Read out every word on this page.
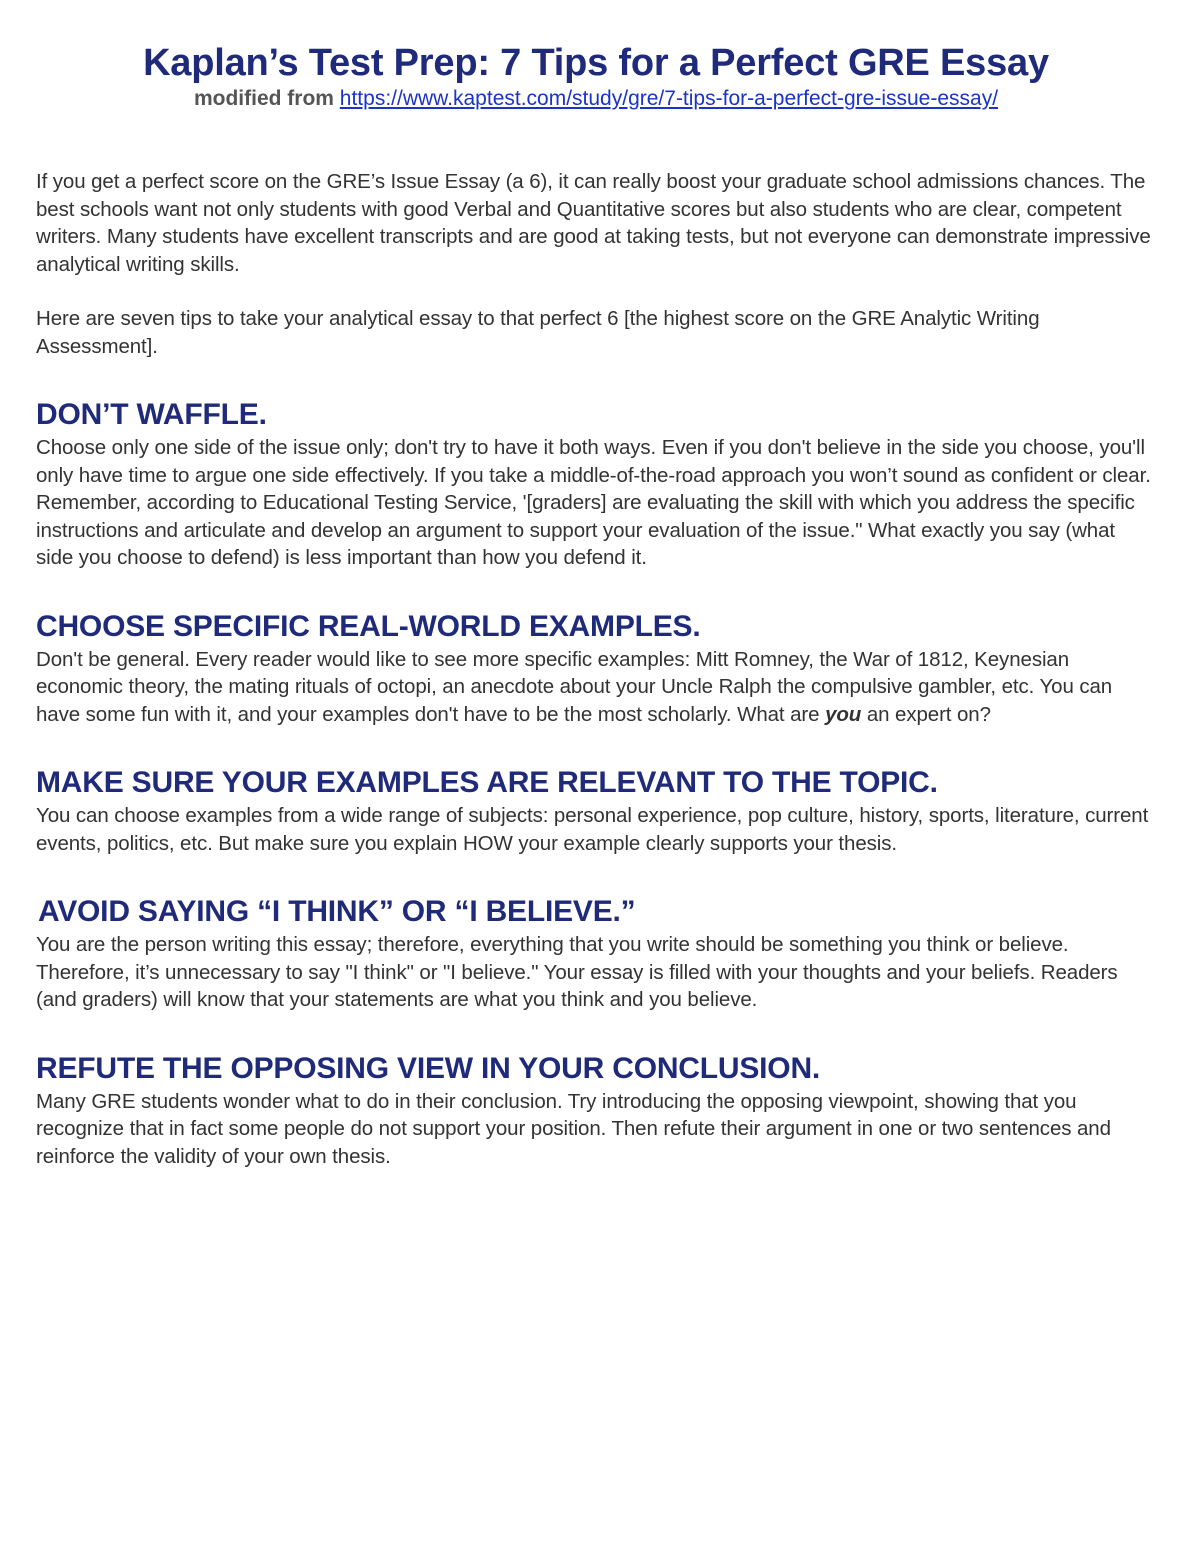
Kaplan’s Test Prep: 7 Tips for a Perfect GRE Essay

modified from https://www.kaptest.com/study/gre/7-tips-for-a-perfect-gre-issue-essay/

If you get a perfect score on the GRE’s Issue Essay (a 6), it can really boost your graduate school admissions chances. The best schools want not only students with good Verbal and Quantitative scores but also students who are clear, competent writers. Many students have excellent transcripts and are good at taking tests, but not everyone can demonstrate impressive analytical writing skills.

Here are seven tips to take your analytical essay to that perfect 6 [the highest score on the GRE Analytic Writing Assessment].

DON’T WAFFLE.

Choose only one side of the issue only; don't try to have it both ways. Even if you don't believe in the side you choose, you'll only have time to argue one side effectively. If you take a middle-of-the-road approach you won’t sound as confident or clear. Remember, according to Educational Testing Service, '[graders] are evaluating the skill with which you address the specific instructions and articulate and develop an argument to support your evaluation of the issue." What exactly you say (what side you choose to defend) is less important than how you defend it.

CHOOSE SPECIFIC REAL-WORLD EXAMPLES.

Don't be general. Every reader would like to see more specific examples: Mitt Romney, the War of 1812, Keynesian economic theory, the mating rituals of octopi, an anecdote about your Uncle Ralph the compulsive gambler, etc. You can have some fun with it, and your examples don't have to be the most scholarly. What are you an expert on?

MAKE SURE YOUR EXAMPLES ARE RELEVANT TO THE TOPIC.

You can choose examples from a wide range of subjects: personal experience, pop culture, history, sports, literature, current events, politics, etc. But make sure you explain HOW your example clearly supports your thesis.

AVOID SAYING “I THINK” OR “I BELIEVE.”

You are the person writing this essay; therefore, everything that you write should be something you think or believe. Therefore, it’s unnecessary to say "I think" or "I believe." Your essay is filled with your thoughts and your beliefs. Readers (and graders) will know that your statements are what you think and you believe.

REFUTE THE OPPOSING VIEW IN YOUR CONCLUSION.

Many GRE students wonder what to do in their conclusion. Try introducing the opposing viewpoint, showing that you recognize that in fact some people do not support your position. Then refute their argument in one or two sentences and reinforce the validity of your own thesis.
